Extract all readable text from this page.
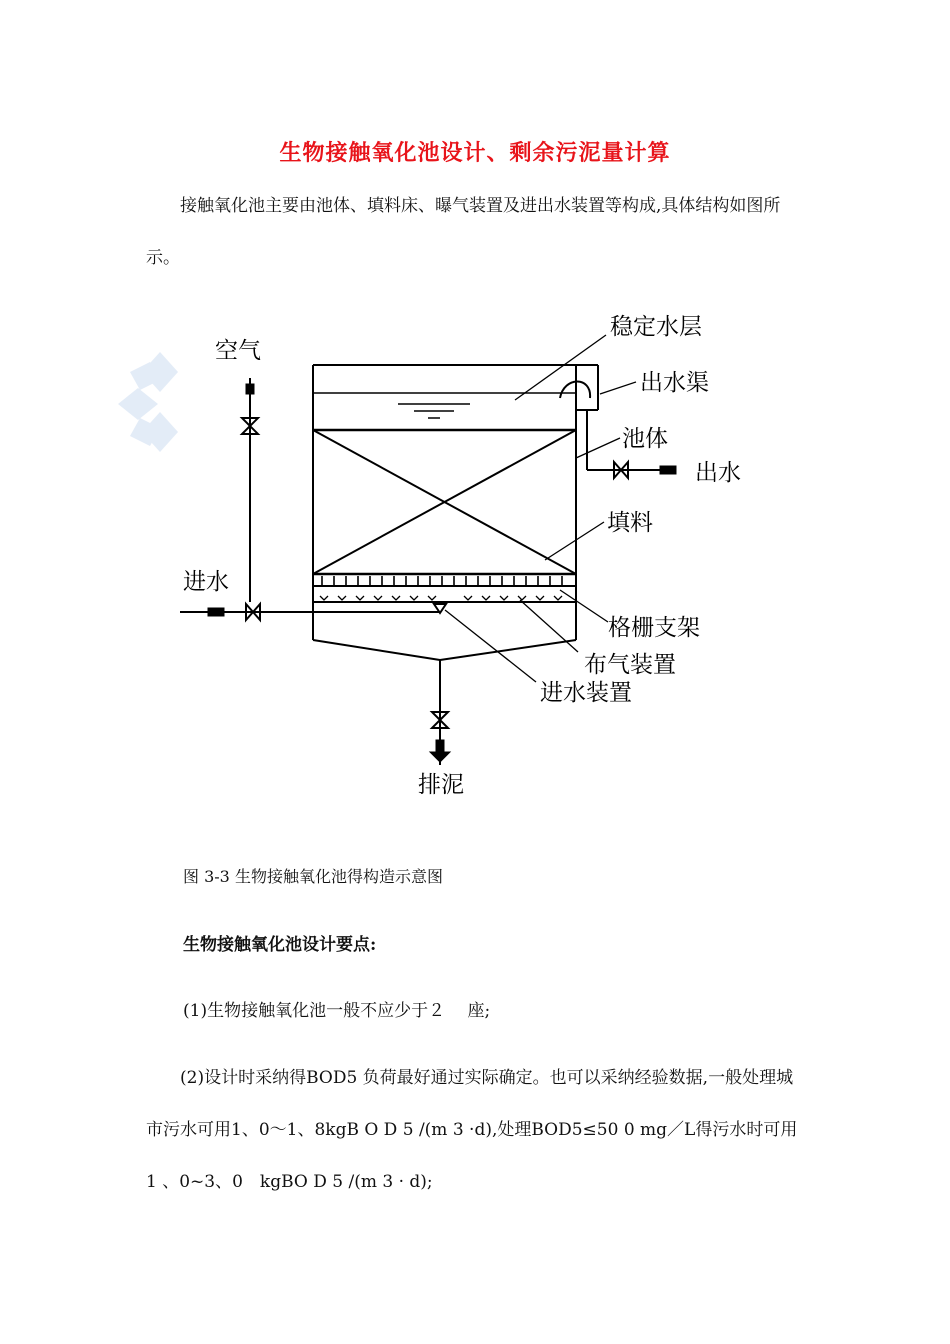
生物接触氧化池设计、剩余污泥量计算
接触氧化池主要由池体、填料床、曝气装置及进出水装置等构成,具体结构如图所示。
空气
稳定水层
出水渠
池体
出水
填料
进水
格栅支架
布气装置
进水装置
排泥
图 3-3 生物接触氧化池得构造示意图
生物接触氧化池设计要点:
(1)生物接触氧化池一般不应少于２　 座;
(2)设计时采纳得BOD5 负荷最好通过实际确定。也可以采纳经验数据,一般处理城市污水可用1、0～1、8kgB O D 5 /(m 3 ·d),处理BOD5≤50 0 mg／L得污水时可用1 、0~3、0　kgBO D 5 /(m 3 · d);
